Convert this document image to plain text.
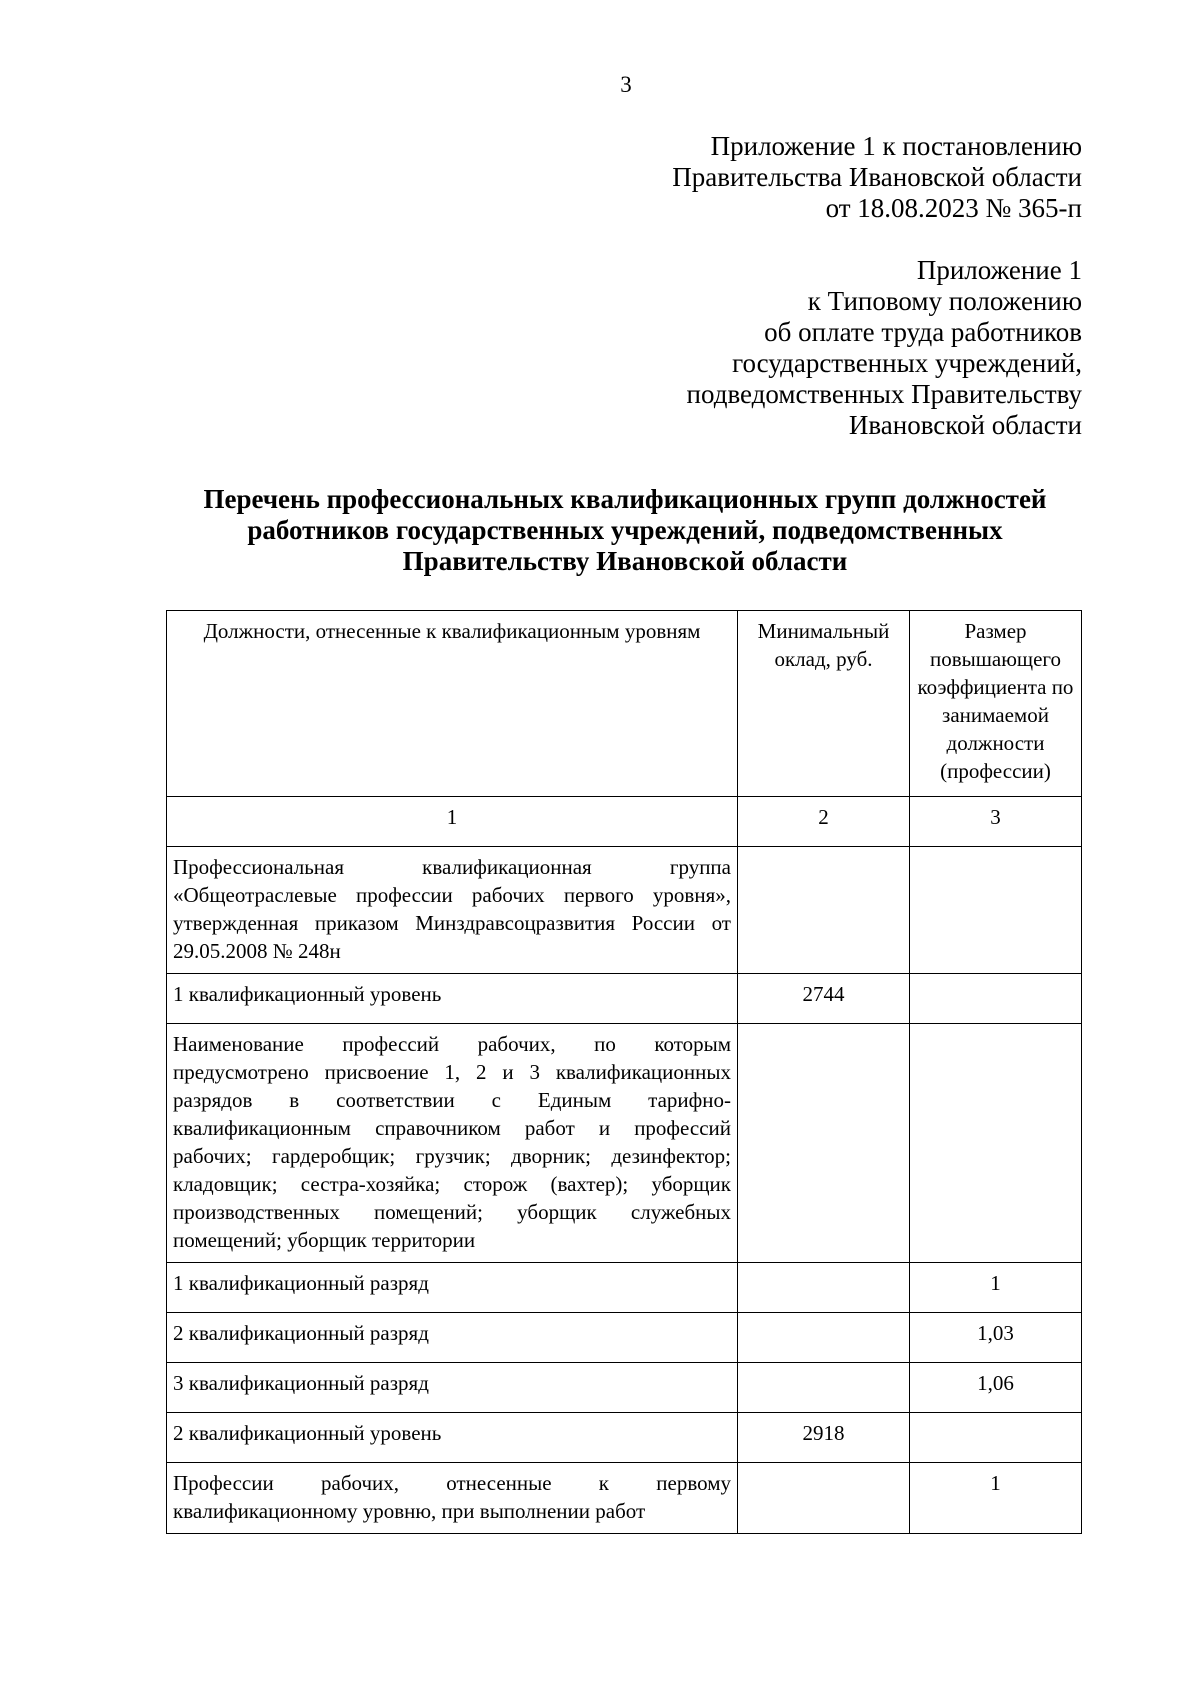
3
Приложение 1 к постановлению
Правительства Ивановской области
от 18.08.2023 № 365-п
Приложение 1
к Типовому положению
об оплате труда работников
государственных учреждений,
подведомственных Правительству
Ивановской области
Перечень профессиональных квалификационных групп должностей
работников государственных учреждений, подведомственных
Правительству Ивановской области
Должности, отнесенные к квалификационным уровням	Минимальный оклад, руб.	Размер повышающего коэффициента по занимаемой должности (профессии)
1	2	3
Профессиональная квалификационная группа «Общеотраслевые профессии рабочих первого уровня», утвержденная приказом Минздравсоцразвития России от 29.05.2008 № 248н		
1 квалификационный уровень	2744	
Наименование профессий рабочих, по которым предусмотрено присвоение 1, 2 и 3 квалификационных разрядов в соответствии с Единым тарифно-квалификационным справочником работ и профессий рабочих; гардеробщик; грузчик; дворник; дезинфектор; кладовщик; сестра-хозяйка; сторож (вахтер); уборщик производственных помещений; уборщик служебных помещений; уборщик территории		
1 квалификационный разряд		1
2 квалификационный разряд		1,03
3 квалификационный разряд		1,06
2 квалификационный уровень	2918	
Профессии рабочих, отнесенные к первому квалификационному уровню, при выполнении работ		1
